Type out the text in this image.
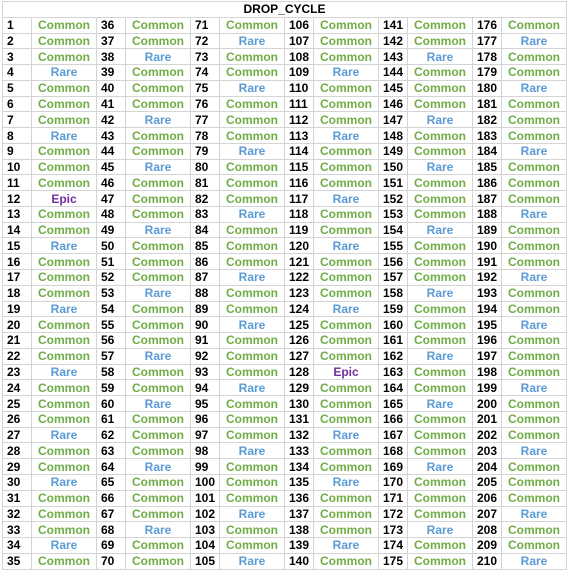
DROP_CYCLE											
1	Common	36	Common	71	Common	106	Common	141	Common	176	Common
2	Common	37	Common	72	Rare	107	Common	142	Common	177	Rare
3	Common	38	Rare	73	Common	108	Common	143	Rare	178	Common
4	Rare	39	Common	74	Common	109	Rare	144	Common	179	Common
5	Common	40	Common	75	Rare	110	Common	145	Common	180	Rare
6	Common	41	Common	76	Common	111	Common	146	Common	181	Common
7	Common	42	Rare	77	Common	112	Common	147	Rare	182	Common
8	Rare	43	Common	78	Common	113	Rare	148	Common	183	Common
9	Common	44	Common	79	Rare	114	Common	149	Common	184	Rare
10	Common	45	Rare	80	Common	115	Common	150	Rare	185	Common
11	Common	46	Common	81	Common	116	Common	151	Common	186	Common
12	Epic	47	Common	82	Common	117	Rare	152	Common	187	Common
13	Common	48	Common	83	Rare	118	Common	153	Common	188	Rare
14	Common	49	Rare	84	Common	119	Common	154	Rare	189	Common
15	Rare	50	Common	85	Common	120	Rare	155	Common	190	Common
16	Common	51	Common	86	Common	121	Common	156	Common	191	Common
17	Common	52	Common	87	Rare	122	Common	157	Common	192	Rare
18	Common	53	Rare	88	Common	123	Common	158	Rare	193	Common
19	Rare	54	Common	89	Common	124	Rare	159	Common	194	Common
20	Common	55	Common	90	Rare	125	Common	160	Common	195	Rare
21	Common	56	Common	91	Common	126	Common	161	Common	196	Common
22	Common	57	Rare	92	Common	127	Common	162	Rare	197	Common
23	Rare	58	Common	93	Common	128	Epic	163	Common	198	Common
24	Common	59	Common	94	Rare	129	Common	164	Common	199	Rare
25	Common	60	Rare	95	Common	130	Common	165	Rare	200	Common
26	Common	61	Common	96	Common	131	Common	166	Common	201	Common
27	Rare	62	Common	97	Common	132	Rare	167	Common	202	Common
28	Common	63	Common	98	Rare	133	Common	168	Common	203	Rare
29	Common	64	Rare	99	Common	134	Common	169	Rare	204	Common
30	Rare	65	Common	100	Common	135	Rare	170	Common	205	Common
31	Common	66	Common	101	Common	136	Common	171	Common	206	Common
32	Common	67	Common	102	Rare	137	Common	172	Common	207	Rare
33	Common	68	Rare	103	Common	138	Common	173	Rare	208	Common
34	Rare	69	Common	104	Common	139	Rare	174	Common	209	Common
35	Common	70	Common	105	Rare	140	Common	175	Common	210	Rare
